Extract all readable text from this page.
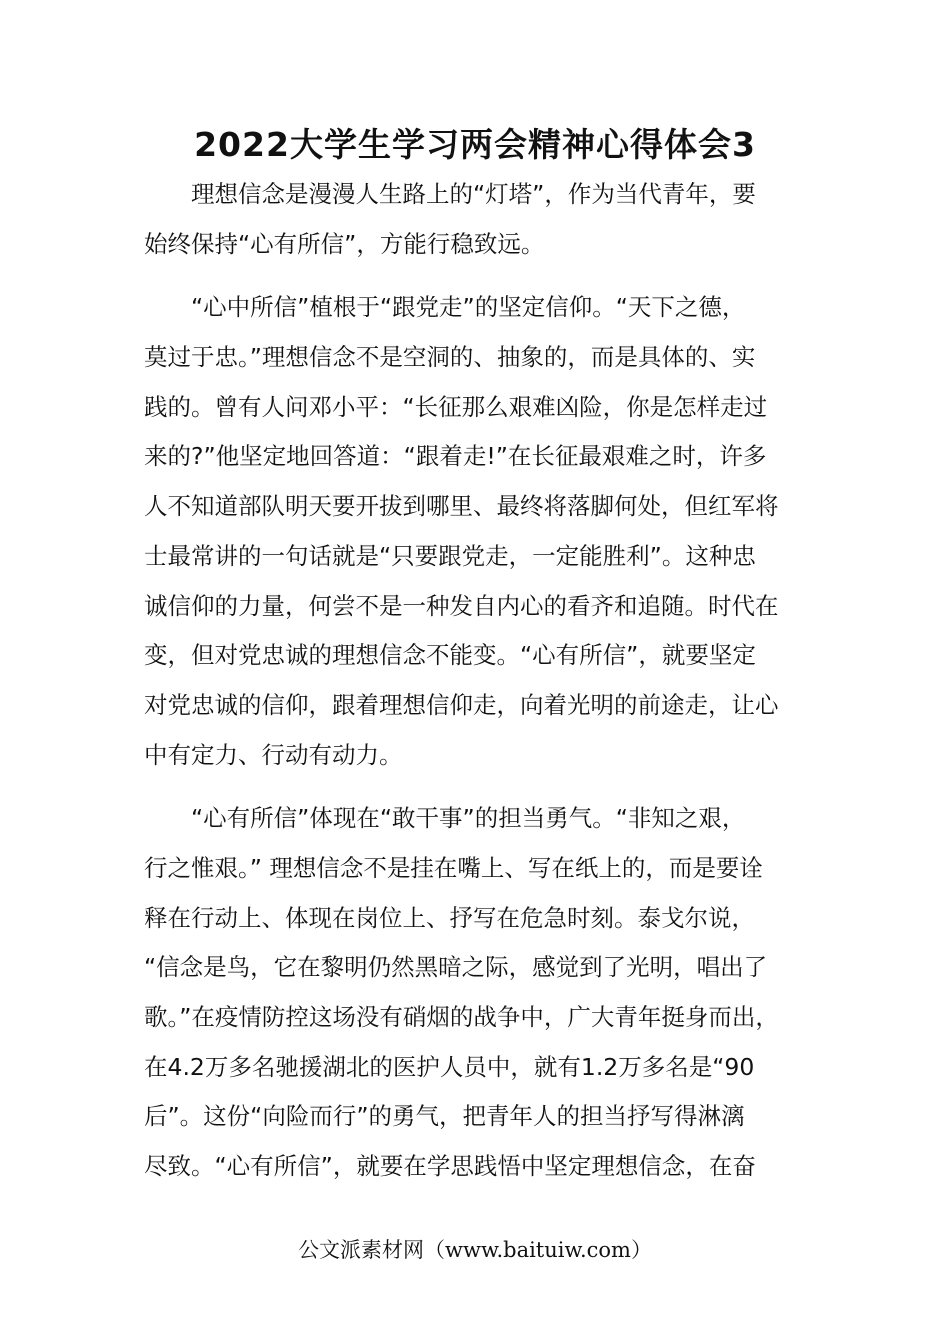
2022大学生学习两会精神心得体会3

理想信念是漫漫人生路上的“灯塔”，作为当代青年，要
始终保持“心有所信”，方能行稳致远。

“心中所信”植根于“跟党走”的坚定信仰。“天下之德，
莫过于忠。”理想信念不是空洞的、抽象的，而是具体的、实
践的。曾有人问邓小平：“长征那么艰难凶险，你是怎样走过
来的?”他坚定地回答道：“跟着走!”在长征最艰难之时，许多
人不知道部队明天要开拔到哪里、最终将落脚何处，但红军将
士最常讲的一句话就是“只要跟党走，一定能胜利”。这种忠
诚信仰的力量，何尝不是一种发自内心的看齐和追随。时代在
变，但对党忠诚的理想信念不能变。“心有所信”，就要坚定
对党忠诚的信仰，跟着理想信仰走，向着光明的前途走，让心
中有定力、行动有动力。

“心有所信”体现在“敢干事”的担当勇气。“非知之艰，
行之惟艰。” 理想信念不是挂在嘴上、写在纸上的，而是要诠
释在行动上、体现在岗位上、抒写在危急时刻。泰戈尔说，
“信念是鸟，它在黎明仍然黑暗之际，感觉到了光明，唱出了
歌。”在疫情防控这场没有硝烟的战争中，广大青年挺身而出，
在4.2万多名驰援湖北的医护人员中，就有1.2万多名是“90
后”。这份“向险而行”的勇气，把青年人的担当抒写得淋漓
尽致。“心有所信”，就要在学思践悟中坚定理想信念，在奋

公文派素材网（www.baituiw.com）
